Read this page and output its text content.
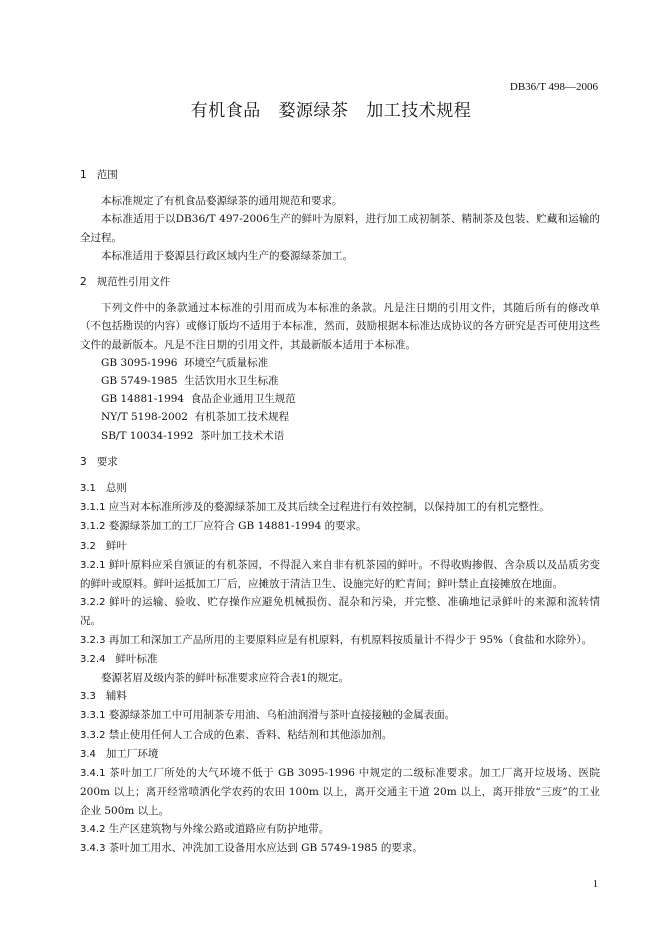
DB36/T 498—2006
有机食品   婺源绿茶   加工技术规程

1   范围

本标准规定了有机食品婺源绿茶的通用规范和要求。

本标准适用于以DB36/T 497-2006生产的鲜叶为原料，进行加工成初制茶、精制茶及包装、贮藏和运输的全过程。

本标准适用于婺源县行政区域内生产的婺源绿茶加工。

2   规范性引用文件

下列文件中的条款通过本标准的引用而成为本标准的条款。凡是注日期的引用文件，其随后所有的修改单（不包括勘误的内容）或修订版均不适用于本标准，然而，鼓励根据本标准达成协议的各方研究是否可使用这些文件的最新版本。凡是不注日期的引用文件，其最新版本适用于本标准。

GB 3095-1996  环境空气质量标准

GB 5749-1985  生活饮用水卫生标准

GB 14881-1994  食品企业通用卫生规范

NY/T 5198-2002  有机茶加工技术规程

SB/T 10034-1992  茶叶加工技术术语

3   要求

3.1 总则

3.1.1 应当对本标准所涉及的婺源绿茶加工及其后续全过程进行有效控制，以保持加工的有机完整性。

3.1.2 婺源绿茶加工的工厂应符合 GB 14881-1994 的要求。

3.2 鲜叶

3.2.1 鲜叶原料应采自颁证的有机茶园，不得混入来自非有机茶园的鲜叶。不得收购掺假、含杂质以及品质劣变的鲜叶或原料。鲜叶运抵加工厂后，应摊放于清洁卫生、设施完好的贮青间；鲜叶禁止直接摊放在地面。

3.2.2 鲜叶的运输、验收、贮存操作应避免机械损伤、混杂和污染，并完整、准确地记录鲜叶的来源和流转情况。

3.2.3 再加工和深加工产品所用的主要原料应是有机原料，有机原料按质量计不得少于 95%（食盐和水除外）。

3.2.4 鲜叶标准

婺源茗眉及级内茶的鲜叶标准要求应符合表1的规定。

3.3 辅料

3.3.1 婺源绿茶加工中可用制茶专用油、乌桕油润滑与茶叶直接接触的金属表面。

3.3.2 禁止使用任何人工合成的色素、香料、粘结剂和其他添加剂。

3.4 加工厂环境

3.4.1 茶叶加工厂所处的大气环境不低于 GB 3095-1996 中规定的二级标准要求。加工厂离开垃圾场、医院 200m 以上；离开经常喷洒化学农药的农田 100m 以上，离开交通主干道 20m 以上，离开排放“三废”的工业企业 500m 以上。

3.4.2 生产区建筑物与外缘公路或道路应有防护地带。

3.4.3 茶叶加工用水、冲洗加工设备用水应达到 GB 5749-1985 的要求。

1
